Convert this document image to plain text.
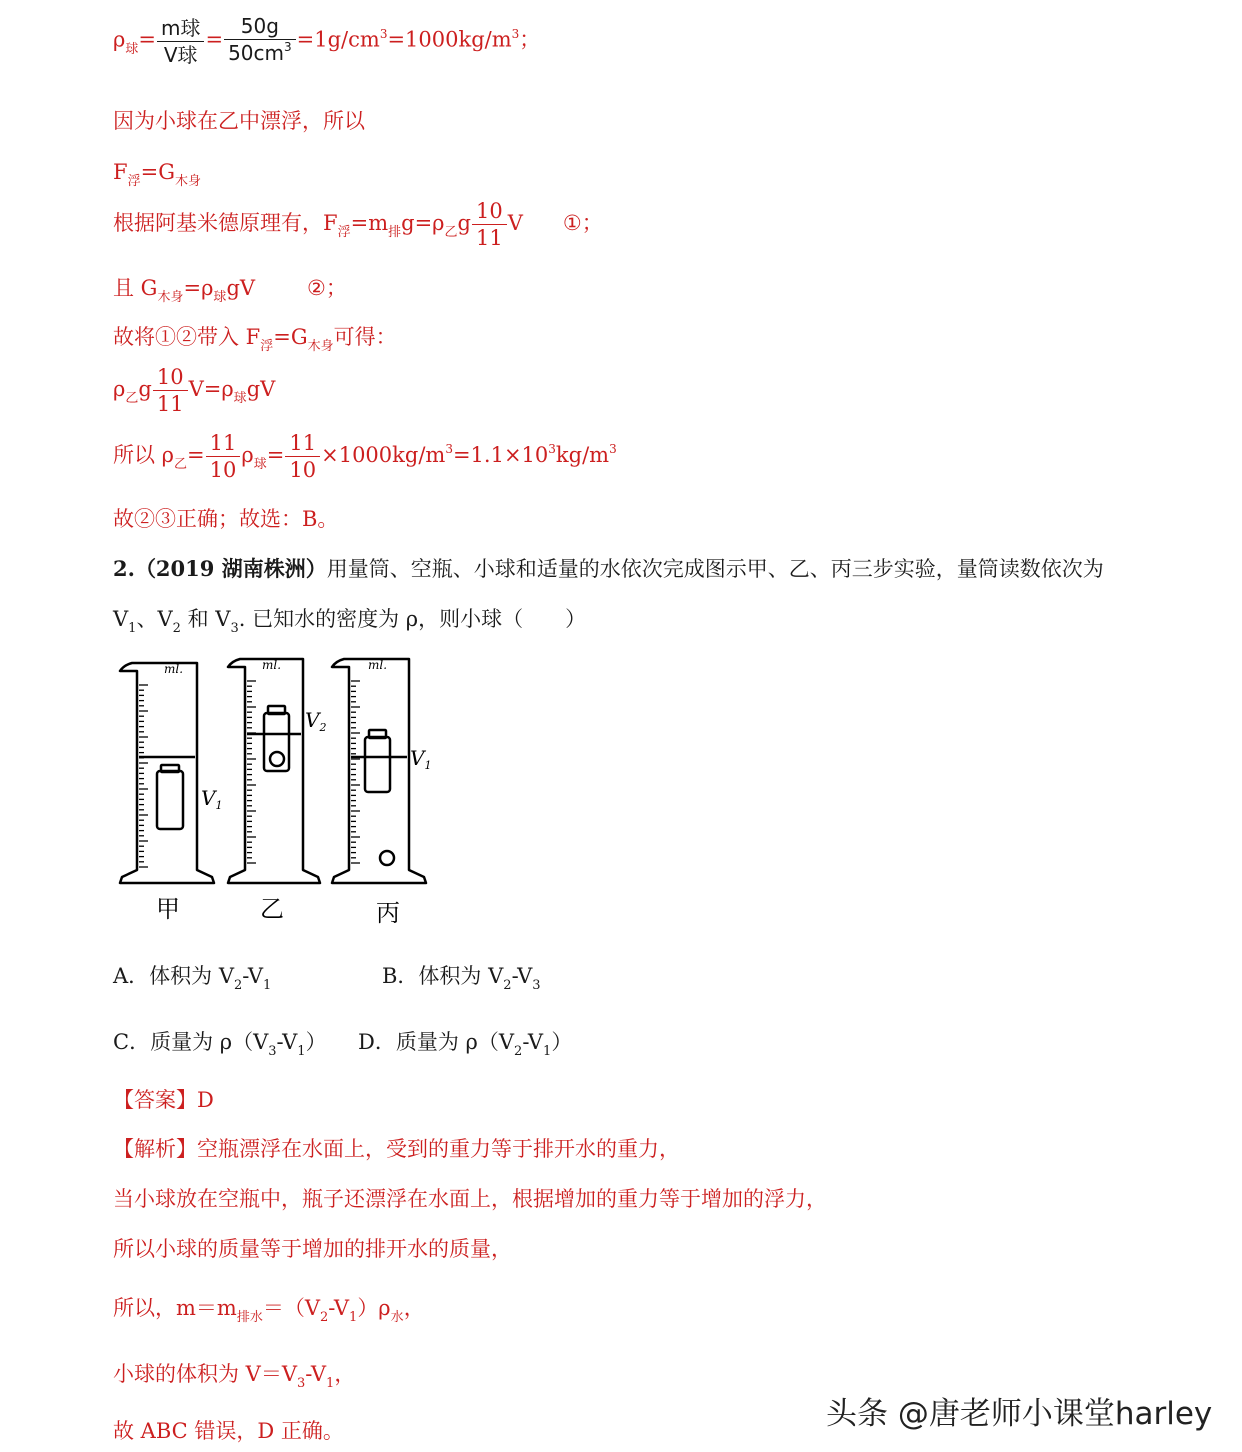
$\rho_球= \frac{\text{m球}}{\text{V球}} = \frac{50g}{50cm^3} =1g/cm^3=1000kg/m^3$；
因为小球在乙中漂浮，所以
$F_浮=G_{木身}$
根据阿基米德原理有，$F_浮=m_排g=\rho_乙g \frac{10}{11}$ V ①；
且 $G_{木身}=\rho_球gV$ ②；
故将①②带入 $F_浮=G_{木身}$可得：
$\rho_乙g \frac{10}{11} V=\rho_球gV$
所以 $\rho_乙= \frac{11}{10} \rho_球= \frac{11}{10} \times 1000kg/m^3=1.1\times 10^3kg/m^3$
故②③正确；故选：B。
2.（2019 湖南株洲）用量筒、空瓶、小球和适量的水依次完成图示甲、乙、丙三步实验，量筒读数依次为
$V_1$、$V_2$ 和 $V_3$. 已知水的密度为 ρ，则小球（　　）
ml.	ml.	ml.
$V_1$
$V_2$
$V_1$
甲	乙	丙
A．体积为 $V_2-V_1$	B．体积为 $V_2-V_3$
C．质量为 $\rho(V_3-V_1)$ D．质量为 $\rho(V_2-V_1)$
【答案】D
【解析】空瓶漂浮在水面上，受到的重力等于排开水的重力，
当小球放在空瓶中，瓶子还漂浮在水面上，根据增加的重力等于增加的浮力，
所以小球的质量等于增加的排开水的质量，
所以，$m=m_{排水}=(V_2-V_1)\rho_水$，
小球的体积为 $V=V_3-V_1$，
故 ABC 错误，D 正确。	头条 @唐老师小课堂harley
